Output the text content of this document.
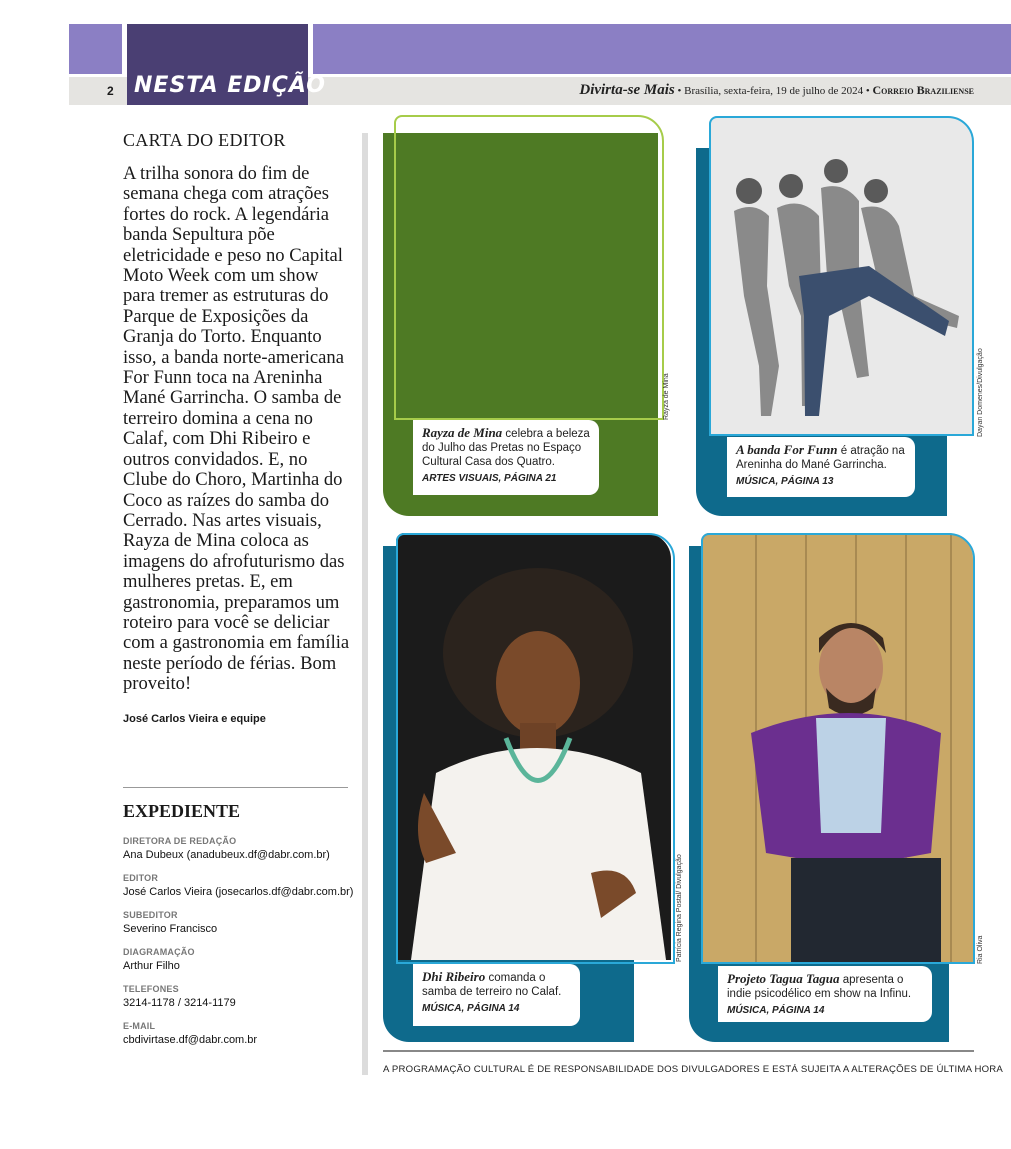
2 NESTA EDIÇÃO	Divirta-se Mais • Brasília, sexta-feira, 19 de julho de 2024 • Correio Braziliense
CARTA DO EDITOR

A trilha sonora do fim de semana chega com atrações fortes do rock. A legendária banda Sepultura põe eletricidade e peso no Capital Moto Week com um show para tremer as estruturas do Parque de Exposições da Granja do Torto. Enquanto isso, a banda norte-americana For Funn toca na Areninha Mané Garrincha. O samba de terreiro domina a cena no Calaf, com Dhi Ribeiro e outros convidados. E, no Clube do Choro, Martinha do Coco as raízes do samba do Cerrado. Nas artes visuais, Rayza de Mina coloca as imagens do afrofuturismo das mulheres pretas. E, em gastronomia, preparamos um roteiro para você se deliciar com a gastronomia em família neste período de férias. Bom proveito!

José Carlos Vieira e equipe
EXPEDIENTE
DIRETORA DE REDAÇÃO
Ana Dubeux (anadubeux.df@dabr.com.br)
EDITOR
José Carlos Vieira (josecarlos.df@dabr.com.br)
SUBEDITOR
Severino Francisco
DIAGRAMAÇÃO
Arthur Filho
TELEFONES
3214-1178 / 3214-1179
E-MAIL
cbdivirtase.df@dabr.com.br
Rayza de Mina
Rayza de Mina celebra a beleza do Julho das Pretas no Espaço Cultural Casa dos Quatro.
ARTES VISUAIS, PÁGINA 21
Dayan Domenes/Divulgação
A banda For Funn é atração na Areninha do Mané Garrincha.
MÚSICA, PÁGINA 13
Patrícia Regina Postal/ Divulgação
Dhi Ribeiro comanda o samba de terreiro no Calaf.
MÚSICA, PÁGINA 14
Ria Oliva
Projeto Tagua Tagua apresenta o indie psicodélico em show na Infinu.
MÚSICA, PÁGINA 14
A PROGRAMAÇÃO CULTURAL É DE RESPONSABILIDADE DOS DIVULGADORES E ESTÁ SUJEITA A ALTERAÇÕES DE ÚLTIMA HORA
